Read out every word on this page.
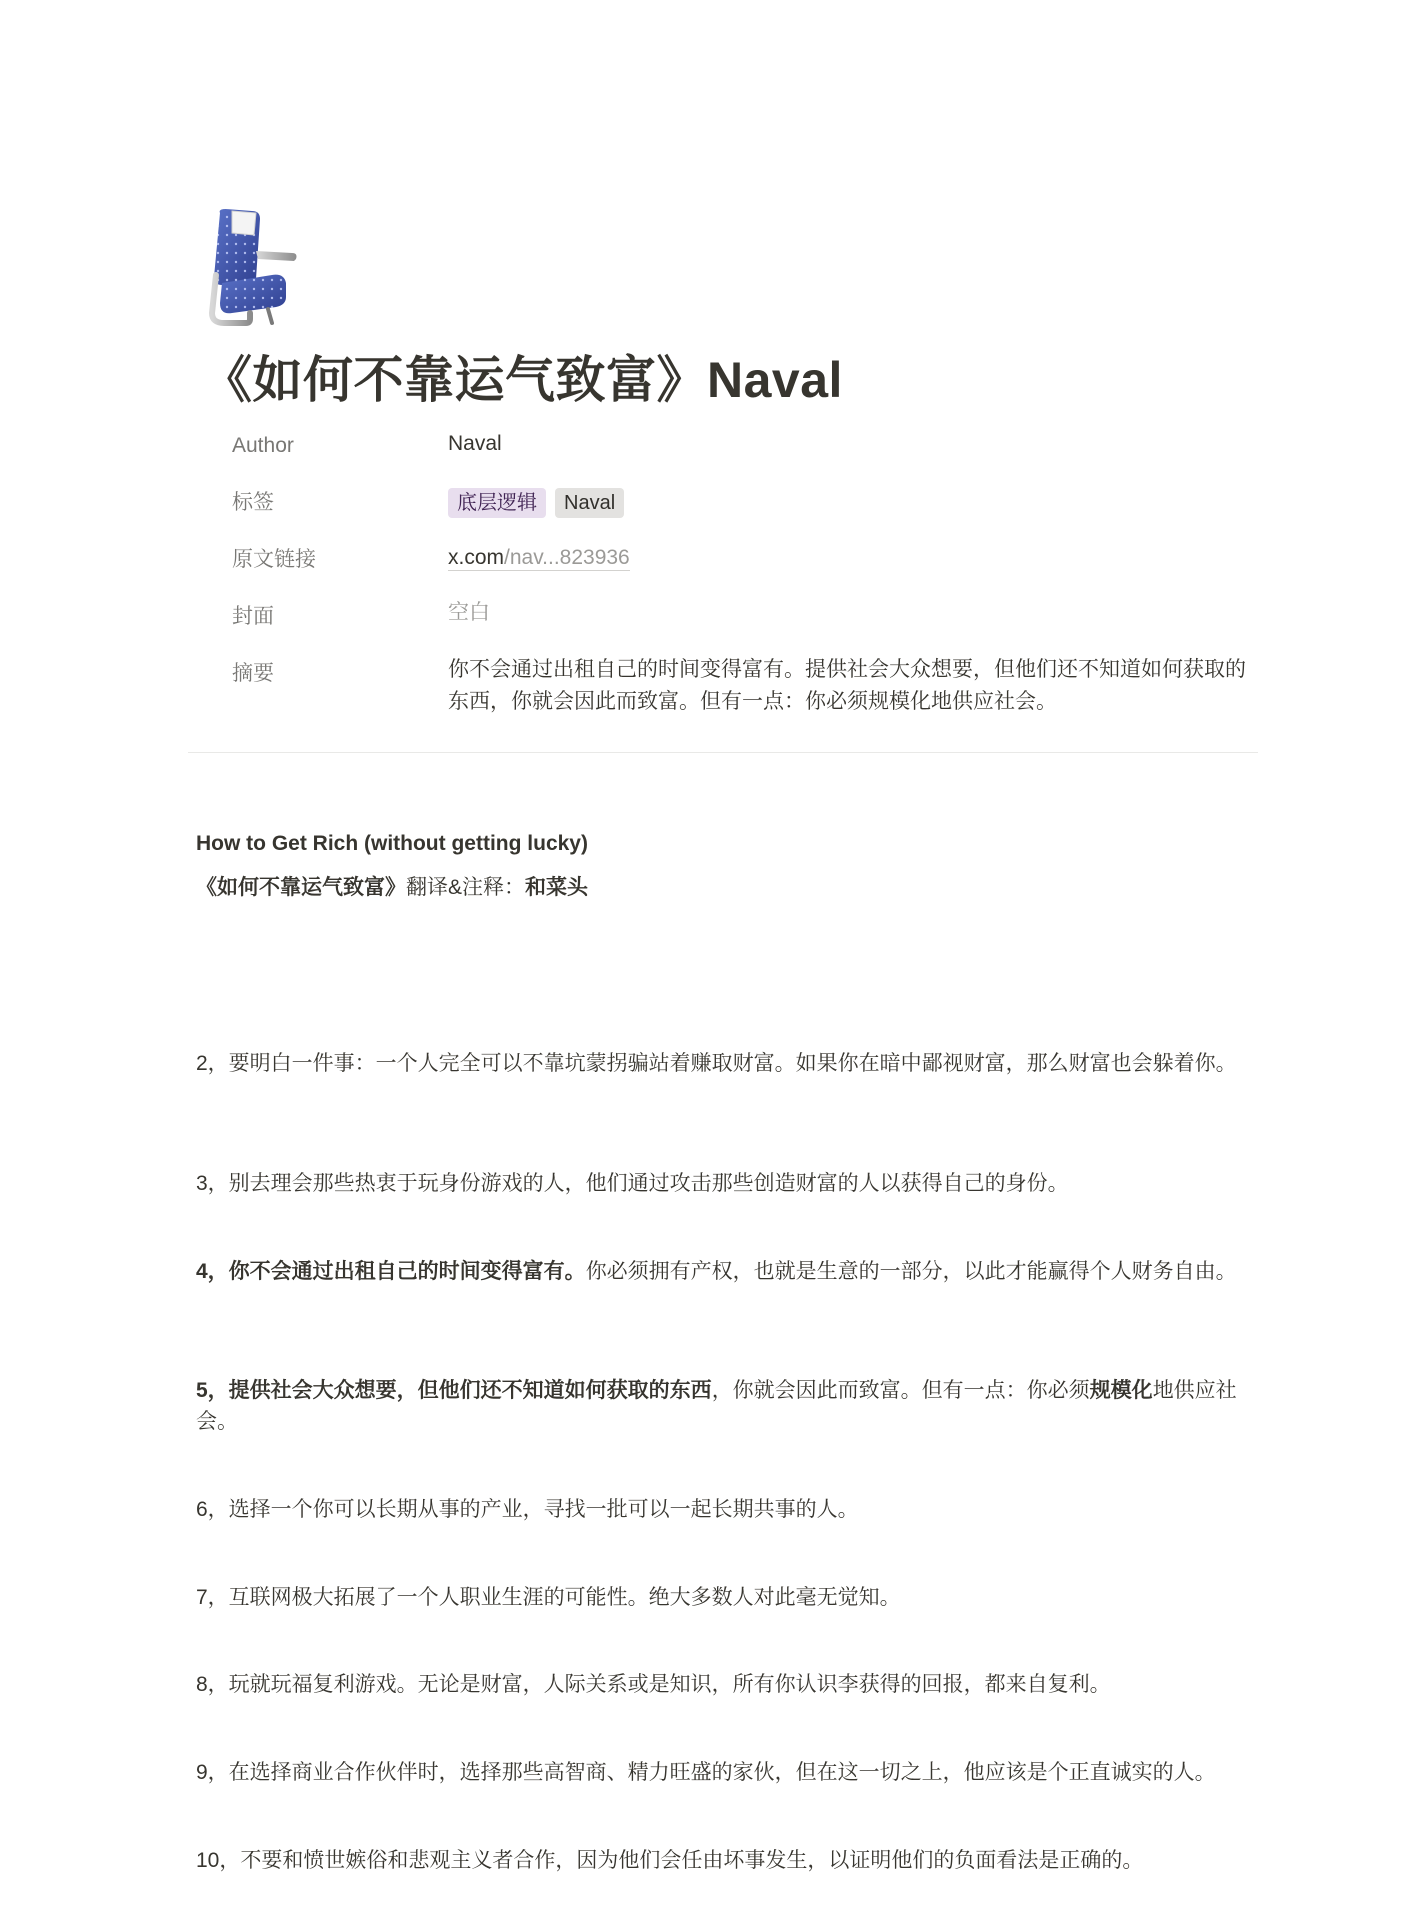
《如何不靠运气致富》Naval
Author	Naval
标签	底层逻辑 Naval
原文链接	x.com/nav...823936
封面	空白
摘要	你不会通过出租自己的时间变得富有。提供社会大众想要，但他们还不知道如何获取的东西，你就会因此而致富。但有一点：你必须规模化地供应社会。
How to Get Rich (without getting lucky)
《如何不靠运气致富》翻译&注释：和菜头
2，要明白一件事：一个人完全可以不靠坑蒙拐骗站着赚取财富。如果你在暗中鄙视财富，那么财富也会躲着你。
3，别去理会那些热衷于玩身份游戏的人，他们通过攻击那些创造财富的人以获得自己的身份。
4，你不会通过出租自己的时间变得富有。你必须拥有产权，也就是生意的一部分，以此才能赢得个人财务自由。
5，提供社会大众想要，但他们还不知道如何获取的东西，你就会因此而致富。但有一点：你必须规模化地供应社会。
6，选择一个你可以长期从事的产业，寻找一批可以一起长期共事的人。
7，互联网极大拓展了一个人职业生涯的可能性。绝大多数人对此毫无觉知。
8，玩就玩福复利游戏。无论是财富，人际关系或是知识，所有你认识李获得的回报，都来自复利。
9，在选择商业合作伙伴时，选择那些高智商、精力旺盛的家伙，但在这一切之上，他应该是个正直诚实的人。
10，不要和愤世嫉俗和悲观主义者合作，因为他们会任由坏事发生，以证明他们的负面看法是正确的。
